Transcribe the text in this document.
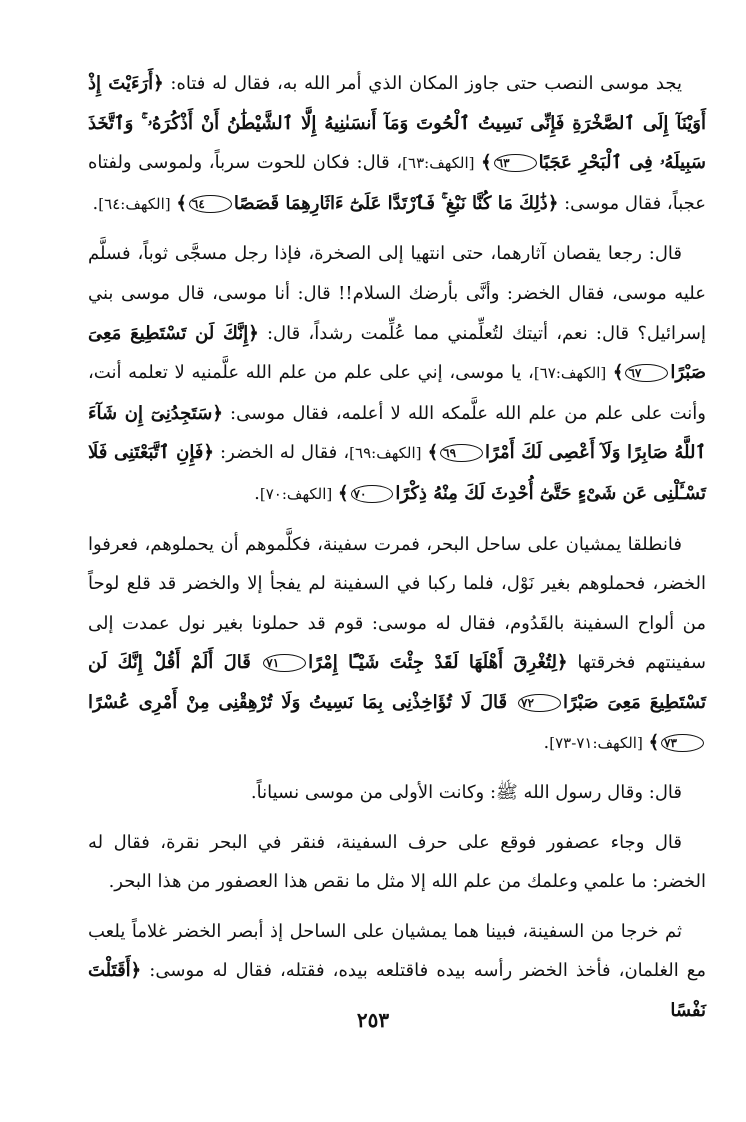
يجد موسى النصب حتى جاوز المكان الذي أمر الله به، فقال له فتاه: ﴿أَرَءَيْتَ إِذْ أَوَيْنَآ إِلَى ٱلصَّخْرَةِ فَإِنِّى نَسِيتُ ٱلْحُوتَ وَمَآ أَنسَىٰنِيهُ إِلَّا ٱلشَّيْطَٰنُ أَنْ أَذْكُرَهُۥ ۚ وَٱتَّخَذَ سَبِيلَهُۥ فِى ٱلْبَحْرِ عَجَبًا٦٣﴾ [الكهف:٦٣]، قال: فكان للحوت سرباً، ولموسى ولفتاه عجباً، فقال موسى: ﴿ذَٰلِكَ مَا كُنَّا نَبْغِ ۚ فَٱرْتَدَّا عَلَىٰٓ ءَاثَارِهِمَا قَصَصًا٦٤﴾ [الكهف:٦٤].

قال: رجعا يقصان آثارهما، حتى انتهيا إلى الصخرة، فإذا رجل مسجَّى ثوباً، فسلَّم عليه موسى، فقال الخضر: وأنَّى بأرضك السلام!! قال: أنا موسى، قال موسى بني إسرائيل؟ قال: نعم، أتيتك لتُعلِّمني مما عُلِّمت رشداً، قال: ﴿إِنَّكَ لَن تَسْتَطِيعَ مَعِىَ صَبْرًا٦٧﴾ [الكهف:٦٧]، يا موسى، إني على علم من علم الله علَّمنيه لا تعلمه أنت، وأنت على علم من علم الله علَّمكه الله لا أعلمه، فقال موسى: ﴿سَتَجِدُنِىٓ إِن شَآءَ ٱللَّهُ صَابِرًا وَلَآ أَعْصِى لَكَ أَمْرًا٦٩﴾ [الكهف:٦٩]، فقال له الخضر: ﴿فَإِنِ ٱتَّبَعْتَنِى فَلَا تَسْـَٔلْنِى عَن شَىْءٍ حَتَّىٰٓ أُحْدِثَ لَكَ مِنْهُ ذِكْرًا٧٠﴾ [الكهف:٧٠].

فانطلقا يمشيان على ساحل البحر، فمرت سفينة، فكلَّموهم أن يحملوهم، فعرفوا الخضر، فحملوهم بغير نَوْل، فلما ركبا في السفينة لم يفجأ إلا والخضر قد قلع لوحاً من ألواح السفينة بالقَدُوم، فقال له موسى: قوم قد حملونا بغير نول عمدت إلى سفينتهم فخرقتها ﴿لِتُغْرِقَ أَهْلَهَا لَقَدْ جِئْتَ شَيْـًٔا إِمْرًا٧١ قَالَ أَلَمْ أَقُلْ إِنَّكَ لَن تَسْتَطِيعَ مَعِىَ صَبْرًا٧٢ قَالَ لَا تُؤَاخِذْنِى بِمَا نَسِيتُ وَلَا تُرْهِقْنِى مِنْ أَمْرِى عُسْرًا٧٣﴾ [الكهف:٧١-٧٣].

قال: وقال رسول الله ﷺ: وكانت الأولى من موسى نسياناً.

قال وجاء عصفور فوقع على حرف السفينة، فنقر في البحر نقرة، فقال له الخضر: ما علمي وعلمك من علم الله إلا مثل ما نقص هذا العصفور من هذا البحر.

ثم خرجا من السفينة، فبينا هما يمشيان على الساحل إذ أبصر الخضر غلاماً يلعب مع الغلمان، فأخذ الخضر رأسه بيده فاقتلعه بيده، فقتله، فقال له موسى: ﴿أَقَتَلْتَ نَفْسًا

٢٥٣
